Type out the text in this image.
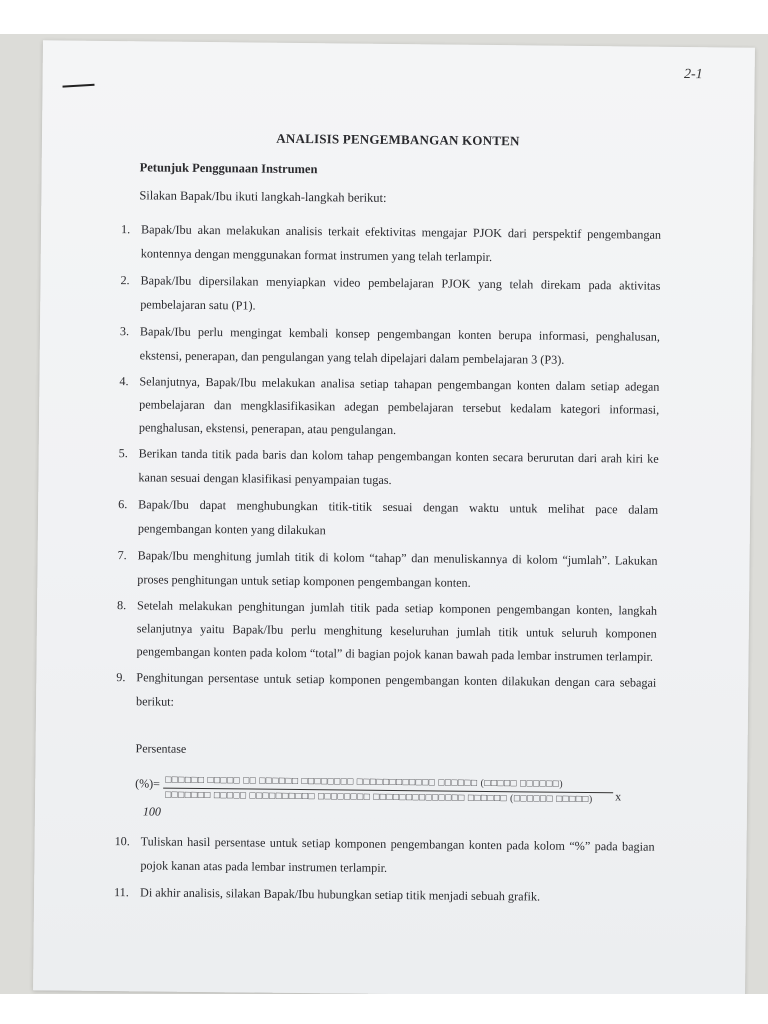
2-1
ANALISIS PENGEMBANGAN KONTEN
Petunjuk Penggunaan Instrumen
Silakan Bapak/Ibu ikuti langkah-langkah berikut:
1. Bapak/Ibu akan melakukan analisis terkait efektivitas mengajar PJOK dari perspektif pengembangan kontennya dengan menggunakan format instrumen yang telah terlampir.
2. Bapak/Ibu dipersilakan menyiapkan video pembelajaran PJOK yang telah direkam pada aktivitas pembelajaran satu (P1).
3. Bapak/Ibu perlu mengingat kembali konsep pengembangan konten berupa informasi, penghalusan, ekstensi, penerapan, dan pengulangan yang telah dipelajari dalam pembelajaran 3 (P3).
4. Selanjutnya, Bapak/Ibu melakukan analisa setiap tahapan pengembangan konten dalam setiap adegan pembelajaran dan mengklasifikasikan adegan pembelajaran tersebut kedalam kategori informasi, penghalusan, ekstensi, penerapan, atau pengulangan.
5. Berikan tanda titik pada baris dan kolom tahap pengembangan konten secara berurutan dari arah kiri ke kanan sesuai dengan klasifikasi penyampaian tugas.
6. Bapak/Ibu dapat menghubungkan titik-titik sesuai dengan waktu untuk melihat pace dalam pengembangan konten yang dilakukan
7. Bapak/Ibu menghitung jumlah titik di kolom “tahap” dan menuliskannya di kolom “jumlah”. Lakukan proses penghitungan untuk setiap komponen pengembangan konten.
8. Setelah melakukan penghitungan jumlah titik pada setiap komponen pengembangan konten, langkah selanjutnya yaitu Bapak/Ibu perlu menghitung keseluruhan jumlah titik untuk seluruh komponen pengembangan konten pada kolom “total” di bagian pojok kanan bawah pada lembar instrumen terlampir.
9. Penghitungan persentase untuk setiap komponen pengembangan konten dilakukan dengan cara sebagai berikut:
Persentase
(%)= □□□□□□ □□□□□ □□ □□□□□□ □□□□□□□□ □□□□□□□□□□□□ □□□□□□ (□□□□□ □□□□□□)
□□□□□□□ □□□□□ □□□□□□□□□□ □□□□□□□□ □□□□□□□□□□□□□□ □□□□□□ (□□□□□□ □□□□□) x
100
10. Tuliskan hasil persentase untuk setiap komponen pengembangan konten pada kolom “%” pada bagian pojok kanan atas pada lembar instrumen terlampir.
11. Di akhir analisis, silakan Bapak/Ibu hubungkan setiap titik menjadi sebuah grafik.
